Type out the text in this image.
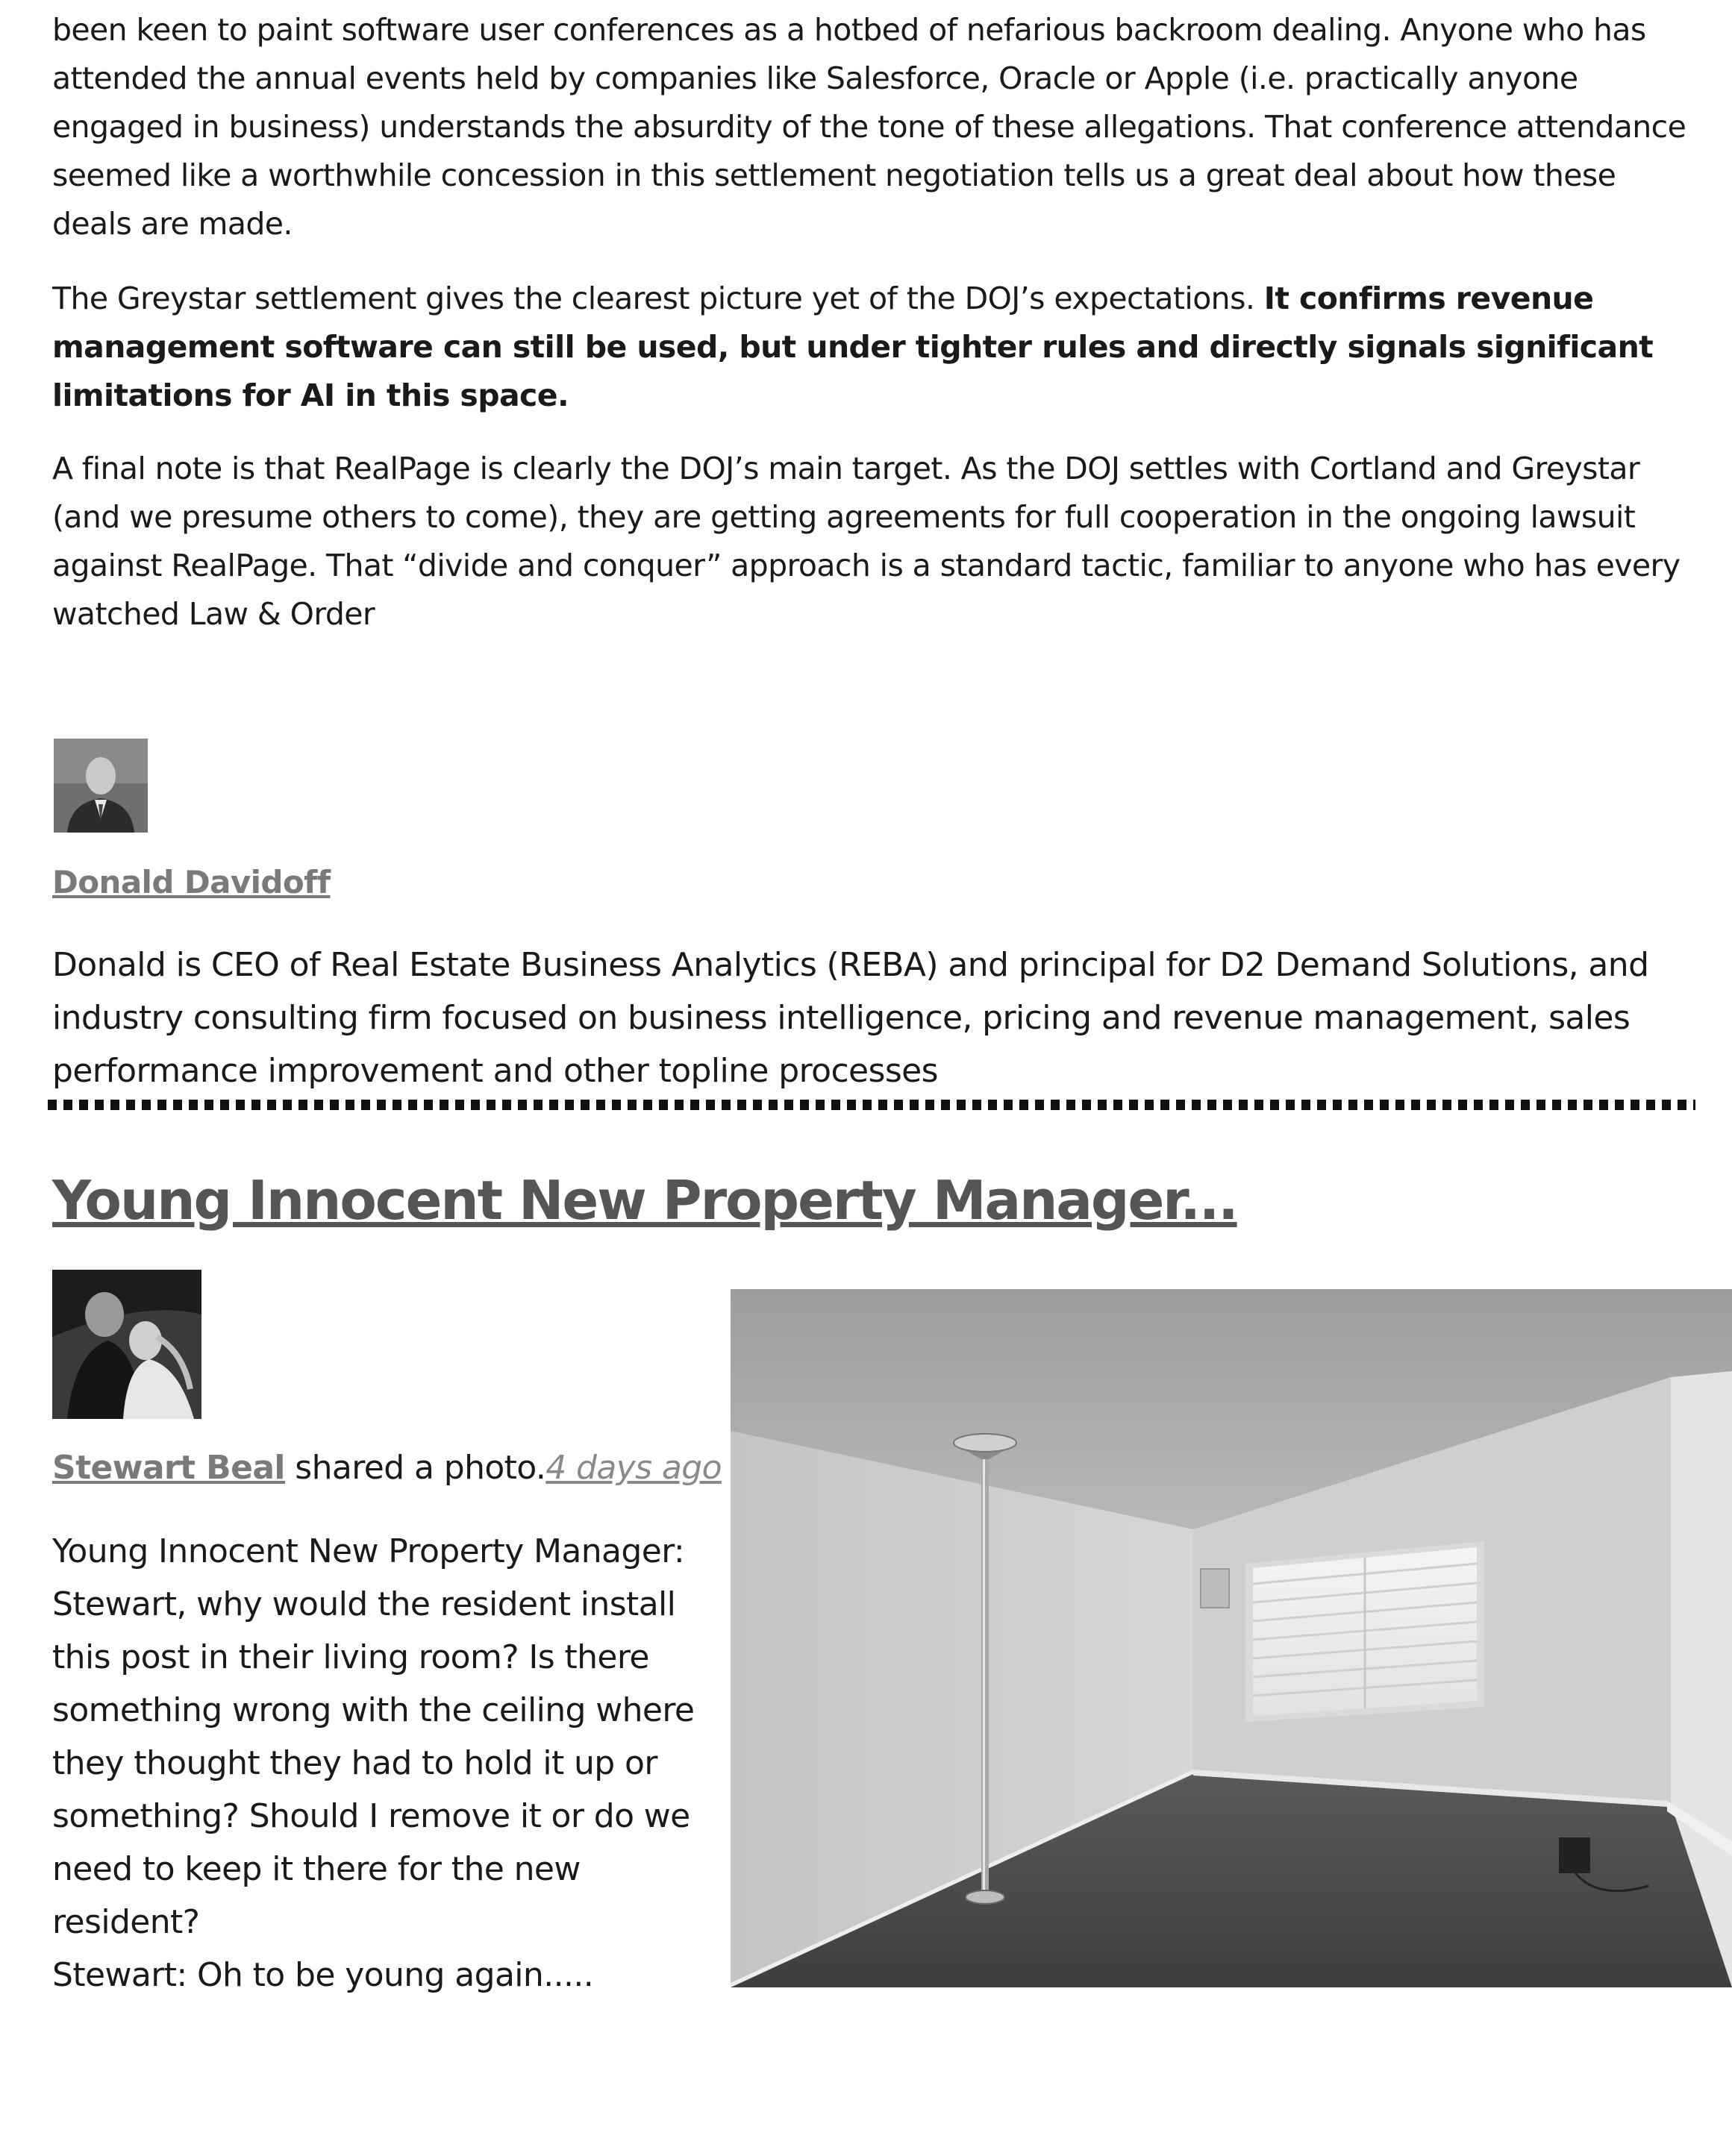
been keen to paint software user conferences as a hotbed of nefarious backroom dealing. Anyone who has attended the annual events held by companies like Salesforce, Oracle or Apple (i.e. practically anyone engaged in business) understands the absurdity of the tone of these allegations. That conference attendance seemed like a worthwhile concession in this settlement negotiation tells us a great deal about how these deals are made.

The Greystar settlement gives the clearest picture yet of the DOJ’s expectations. It confirms revenue management software can still be used, but under tighter rules and directly signals significant limitations for AI in this space.

A final note is that RealPage is clearly the DOJ’s main target. As the DOJ settles with Cortland and Greystar (and we presume others to come), they are getting agreements for full cooperation in the ongoing lawsuit against RealPage. That “divide and conquer” approach is a standard tactic, familiar to anyone who has every watched Law & Order

Donald Davidoff

Donald is CEO of Real Estate Business Analytics (REBA) and principal for D2 Demand Solutions, and industry consulting firm focused on business intelligence, pricing and revenue management, sales performance improvement and other topline processes

Young Innocent New Property Manager...

Stewart Beal shared a photo.4 days ago

Young Innocent New Property Manager:
Stewart, why would the resident install
this post in their living room? Is there
something wrong with the ceiling where
they thought they had to hold it up or
something? Should I remove it or do we
need to keep it there for the new
resident?
Stewart: Oh to be young again.....
